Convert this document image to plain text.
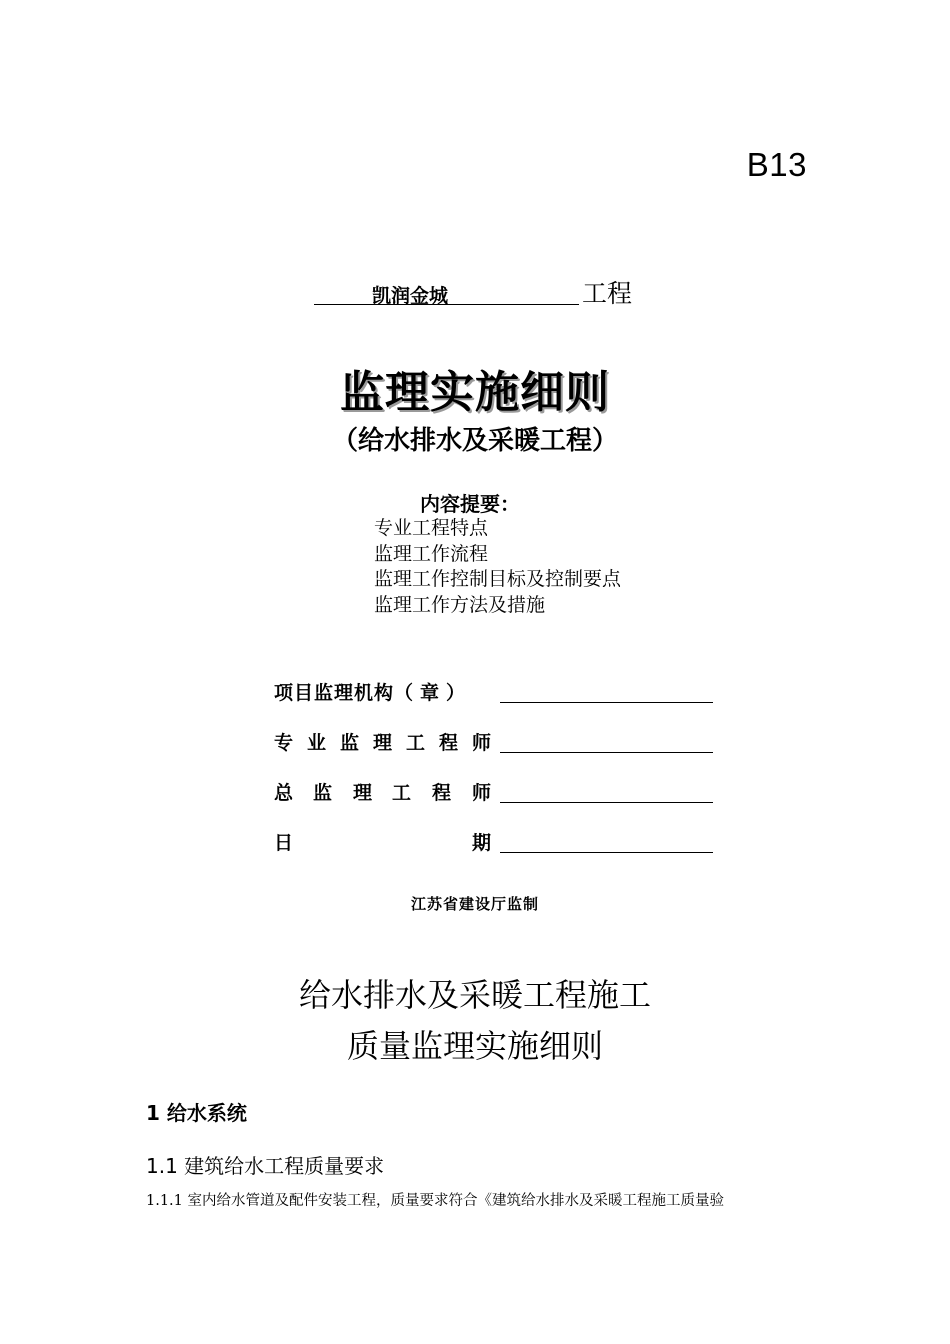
B13
凯润金城	工程
监理实施细则
（给水排水及采暖工程）
内容提要：
专业工程特点
监理工作流程
监理工作控制目标及控制要点
监理工作方法及措施
项 目 监 理 机 构 （ 章 ）
专 业 监 理 工 程 师
总 监 理 工 程 师
日	期
江苏省建设厅监制
给水排水及采暖工程施工
质量监理实施细则
1 给水系统
1.1 建筑给水工程质量要求
1.1.1 室内给水管道及配件安装工程，质量要求符合《建筑给水排水及采暖工程施工质量验
